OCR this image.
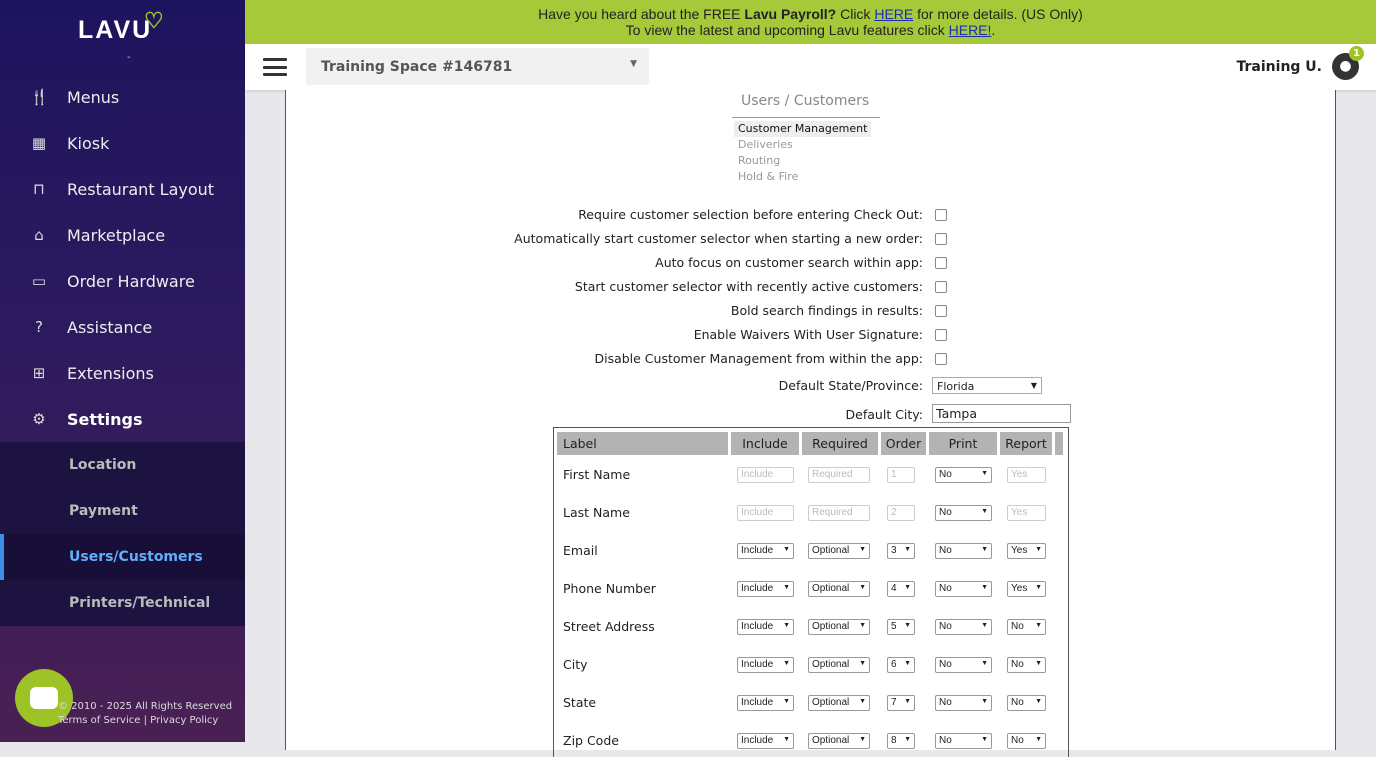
LAVU
♡
-
🍴 Menus
▦ Kiosk
⊓ Restaurant Layout
⌂ Marketplace
▭ Order Hardware
?	Assistance
⊞ Extensions
⚙ Settings
Location
Payment
Users/Customers
Printers/Technical
© 2010 - 2025 All Rights Reserved
Terms of Service | Privacy Policy
Have you heard about the FREE Lavu Payroll? Click HERE for more details. (US Only)
To view the latest and upcoming Lavu features click HERE!.
Training Space #146781	▼	Training U.	●
1
Users / Customers
Customer Management
Deliveries
Routing
Hold & Fire
Default State/Province:	Florida	▼
Default City:	Tampa
Label	Include	Required	Order	Print	Report
First Name	Include	Required	1	No ▼	Yes
Last Name	Include	Required	2	No ▼	Yes
Email	Include ▼	Optional ▼	3 ▼	No ▼	Yes ▼
Phone Number	Include ▼	Optional ▼	4 ▼	No ▼	Yes ▼
Street Address	Include ▼	Optional ▼	5 ▼	No ▼	No ▼
City	Include ▼	Optional ▼	6 ▼	No ▼	No ▼
State	Include ▼	Optional ▼	7 ▼	No ▼	No ▼
Zip Code	Include ▼	Optional ▼	8 ▼	No ▼	No ▼
Require customer selection before entering Check Out:
Automatically start customer selector when starting a new order:
Auto focus on customer search within app:
Start customer selector with recently active customers:
Bold search findings in results:
Enable Waivers With User Signature:
Disable Customer Management from within the app:
